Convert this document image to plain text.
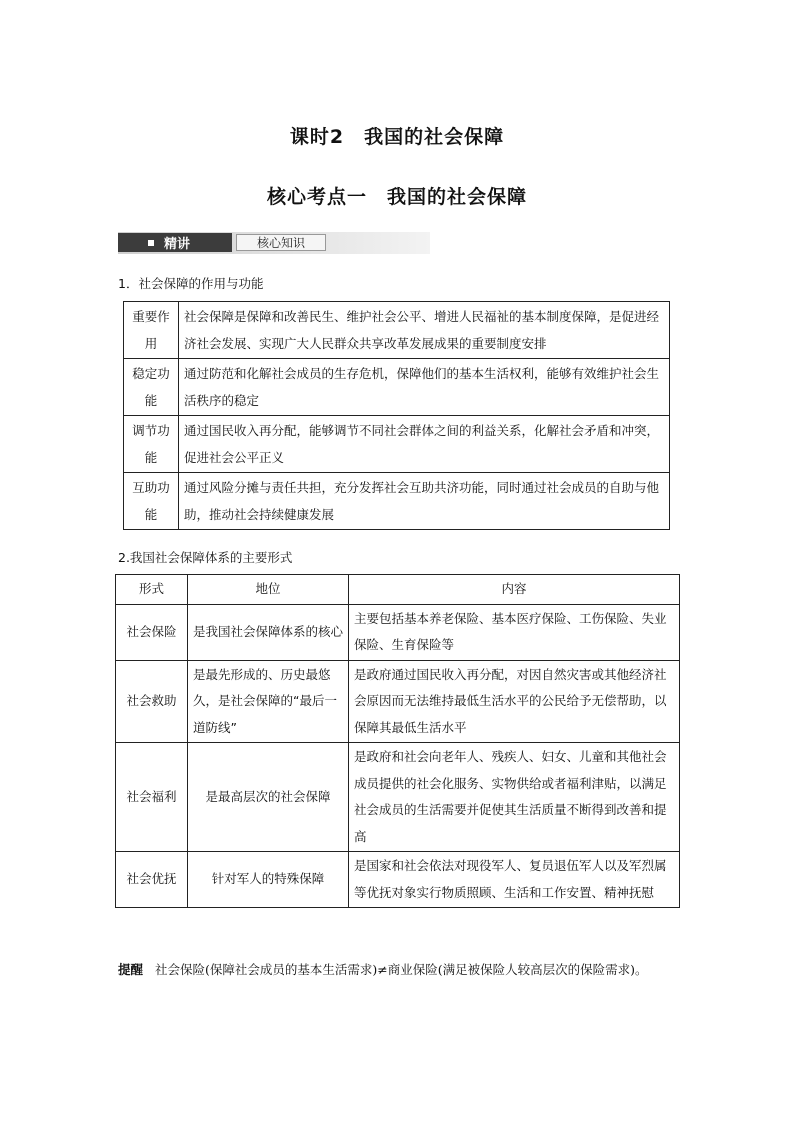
课时2　我国的社会保障
核心考点一　我国的社会保障
精讲	核心知识
1．社会保障的作用与功能
重要作用	社会保障是保障和改善民生、维护社会公平、增进人民福祉的基本制度保障，是促进经济社会发展、实现广大人民群众共享改革发展成果的重要制度安排
稳定功能	通过防范和化解社会成员的生存危机，保障他们的基本生活权利，能够有效维护社会生活秩序的稳定
调节功能	通过国民收入再分配，能够调节不同社会群体之间的利益关系，化解社会矛盾和冲突，促进社会公平正义
互助功能	通过风险分摊与责任共担，充分发挥社会互助共济功能，同时通过社会成员的自助与他助，推动社会持续健康发展
2.我国社会保障体系的主要形式
形式	地位	内容
社会保险	是我国社会保障体系的核心	主要包括基本养老保险、基本医疗保险、工伤保险、失业保险、生育保险等
社会救助	是最先形成的、历史最悠久，是社会保障的“最后一道防线”	是政府通过国民收入再分配，对因自然灾害或其他经济社会原因而无法维持最低生活水平的公民给予无偿帮助，以保障其最低生活水平
社会福利	是最高层次的社会保障	是政府和社会向老年人、残疾人、妇女、儿童和其他社会成员提供的社会化服务、实物供给或者福利津贴，以满足社会成员的生活需要并促使其生活质量不断得到改善和提高
社会优抚	针对军人的特殊保障	是国家和社会依法对现役军人、复员退伍军人以及军烈属等优抚对象实行物质照顾、生活和工作安置、精神抚慰
提醒 社会保险(保障社会成员的基本生活需求)≠商业保险(满足被保险人较高层次的保险需求)。
